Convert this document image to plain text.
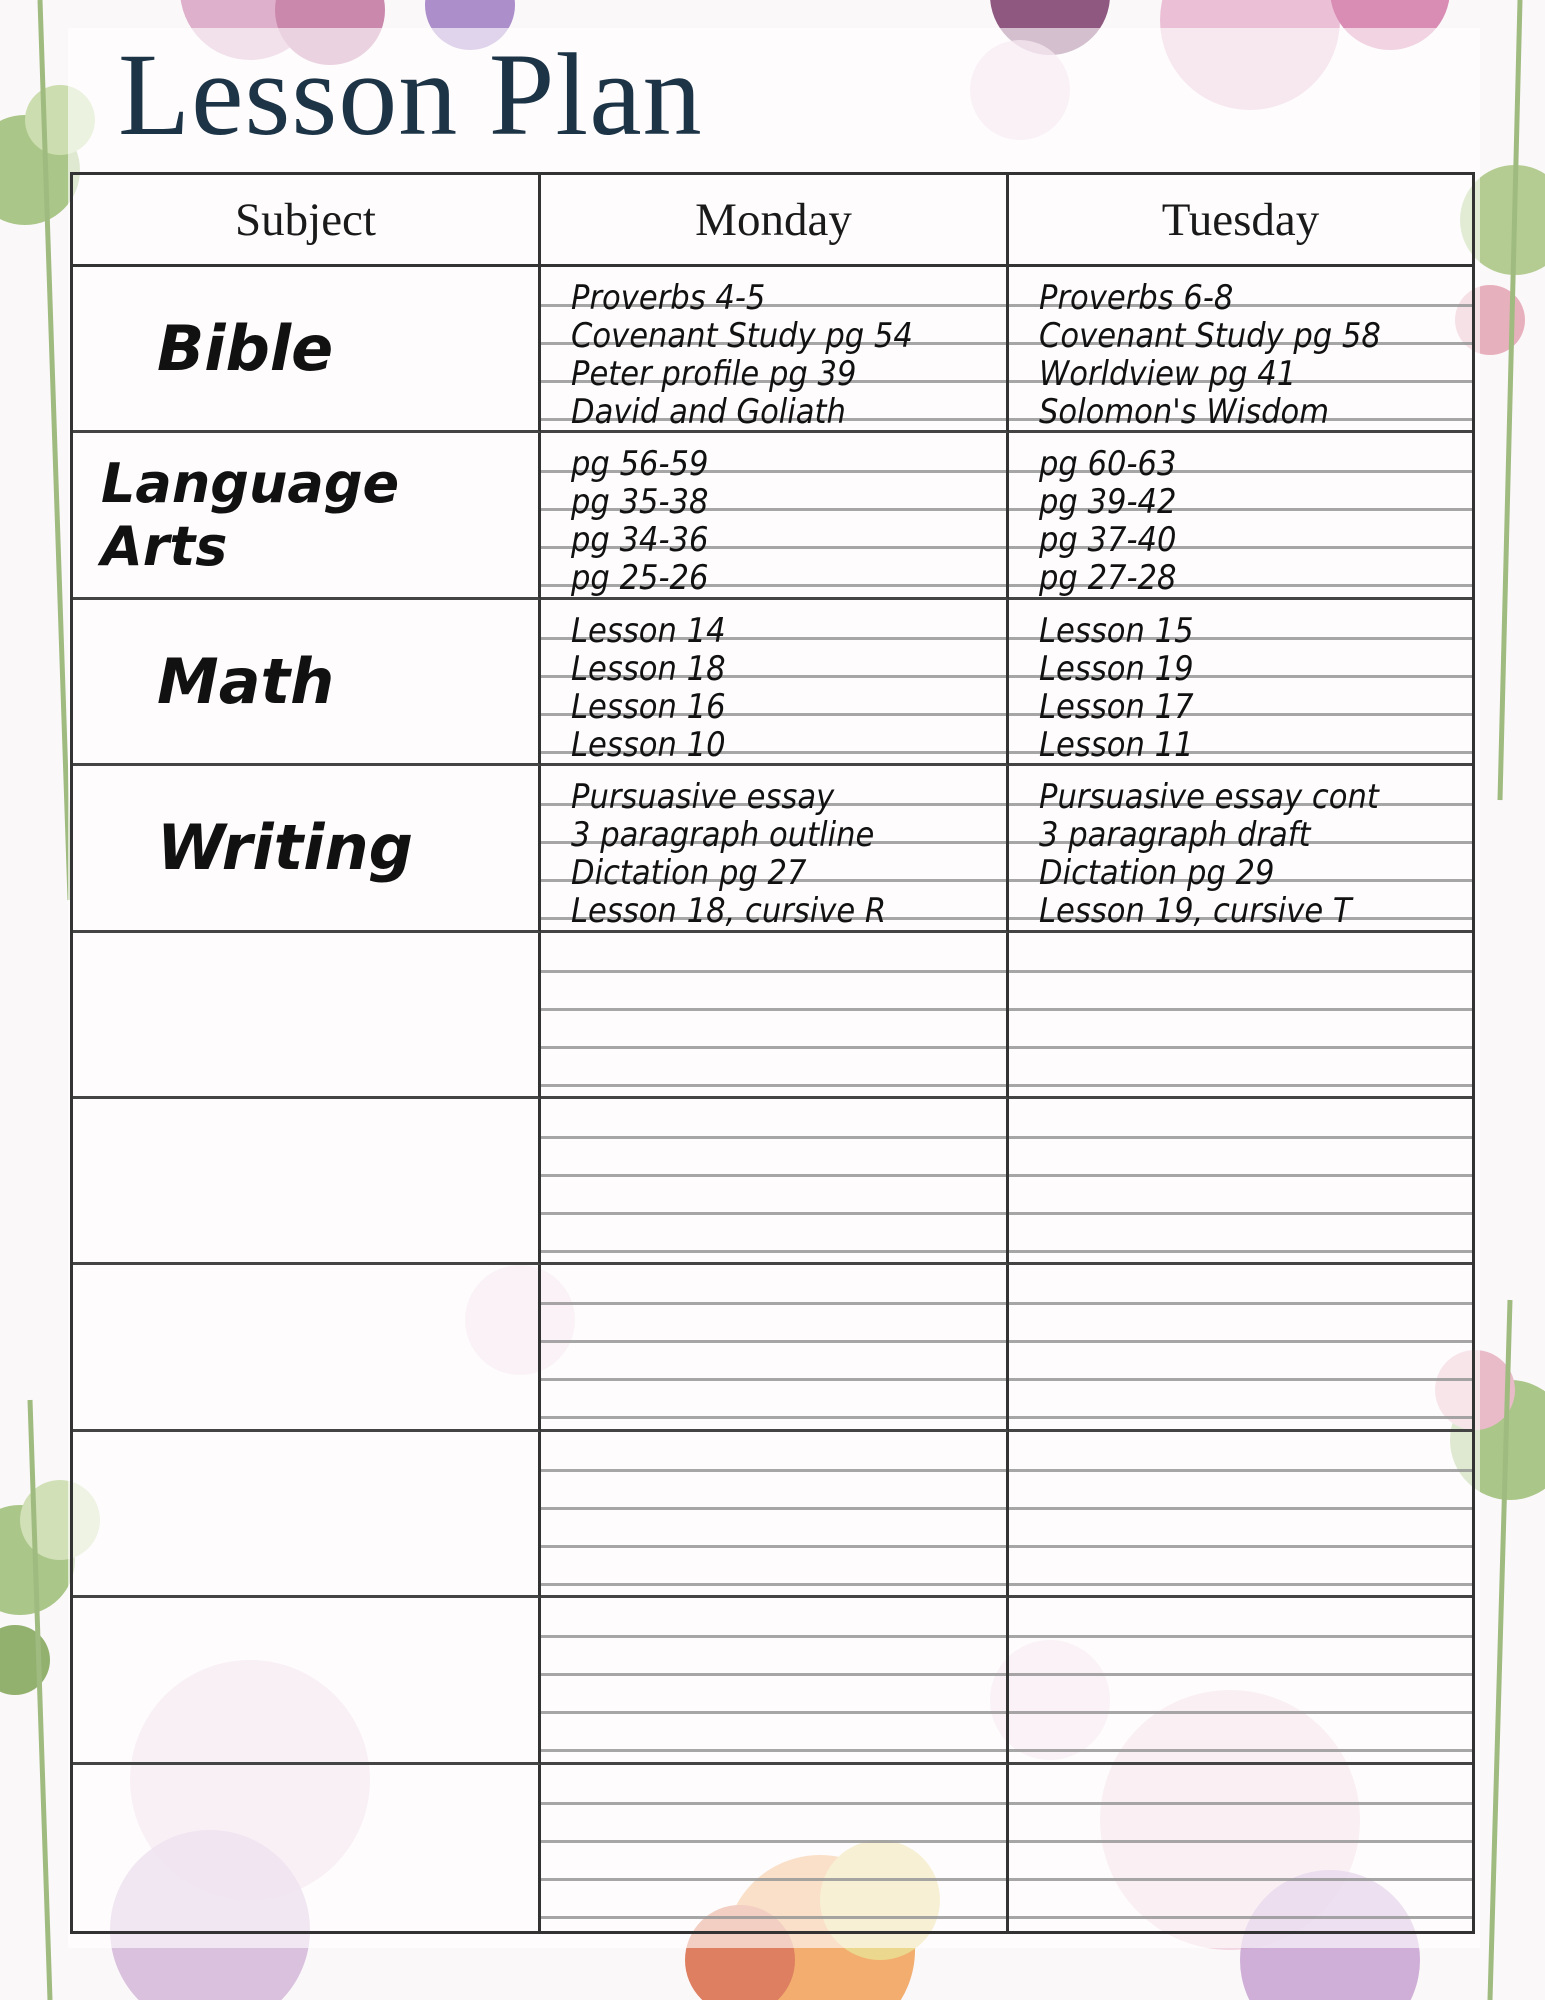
Lesson Plan
Subject	Monday	Tuesday
Bible
Proverbs 4-5
Covenant Study pg 54
Peter profile pg 39
David and Goliath
Proverbs 6-8
Covenant Study pg 58
Worldview pg 41
Solomon's Wisdom
Language Arts
pg 56-59
pg 35-38
pg 34-36
pg 25-26
pg 60-63
pg 39-42
pg 37-40
pg 27-28
Math
Lesson 14
Lesson 18
Lesson 16
Lesson 10
Lesson 15
Lesson 19
Lesson 17
Lesson 11
Writing
Pursuasive essay
3 paragraph outline
Dictation pg 27
Lesson 18, cursive R
Pursuasive essay cont
3 paragraph draft
Dictation pg 29
Lesson 19, cursive T
